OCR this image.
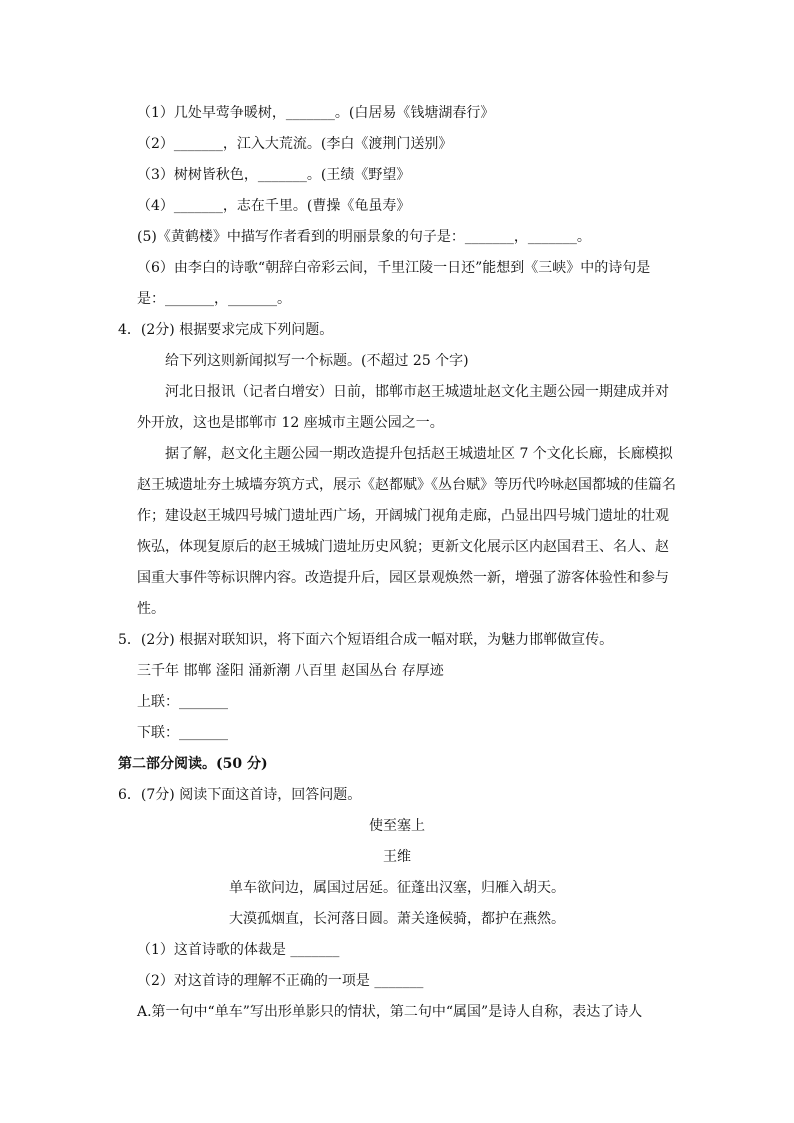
（1）几处早莺争暖树，_______。(白居易《钱塘湖春行》
（2）_______，江入大荒流。(李白《渡荆门送别》
（3）树树皆秋色，_______。(王绩《野望》
（4）_______，志在千里。(曹操《龟虽寿》
(5)《黄鹤楼》中描写作者看到的明丽景象的句子是：_______，_______。
（6）由李白的诗歌“朝辞白帝彩云间，千里江陵一日还”能想到《三峡》中的诗句是
是：_______，_______。
4．(2分) 根据要求完成下列问题。
给下列这则新闻拟写一个标题。(不超过 25 个字)
河北日报讯（记者白增安）日前，邯郸市赵王城遗址赵文化主题公园一期建成并对
外开放，这也是邯郸市 12 座城市主题公园之一。
据了解，赵文化主题公园一期改造提升包括赵王城遗址区 7 个文化长廊，长廊模拟
赵王城遗址夯土城墙夯筑方式，展示《赵都赋》《丛台赋》等历代吟咏赵国都城的佳篇名
作；建设赵王城四号城门遗址西广场，开阔城门视角走廊，凸显出四号城门遗址的壮观
恢弘，体现复原后的赵王城城门遗址历史风貌；更新文化展示区内赵国君王、名人、赵
国重大事件等标识牌内容。改造提升后，园区景观焕然一新，增强了游客体验性和参与
性。
5．(2分) 根据对联知识，将下面六个短语组合成一幅对联，为魅力邯郸做宣传。
三千年 邯郸 滏阳 涌新潮 八百里 赵国丛台 存厚迹
上联：_______
下联：_______
第二部分阅读。(50 分)
6．(7分) 阅读下面这首诗，回答问题。
使至塞上
王维
单车欲问边，属国过居延。征蓬出汉塞，归雁入胡天。
大漠孤烟直，长河落日圆。萧关逢候骑，都护在燕然。
（1）这首诗歌的体裁是 _______
（2）对这首诗的理解不正确的一项是 _______
A.第一句中“单车”写出形单影只的情状，第二句中“属国”是诗人自称，表达了诗人
